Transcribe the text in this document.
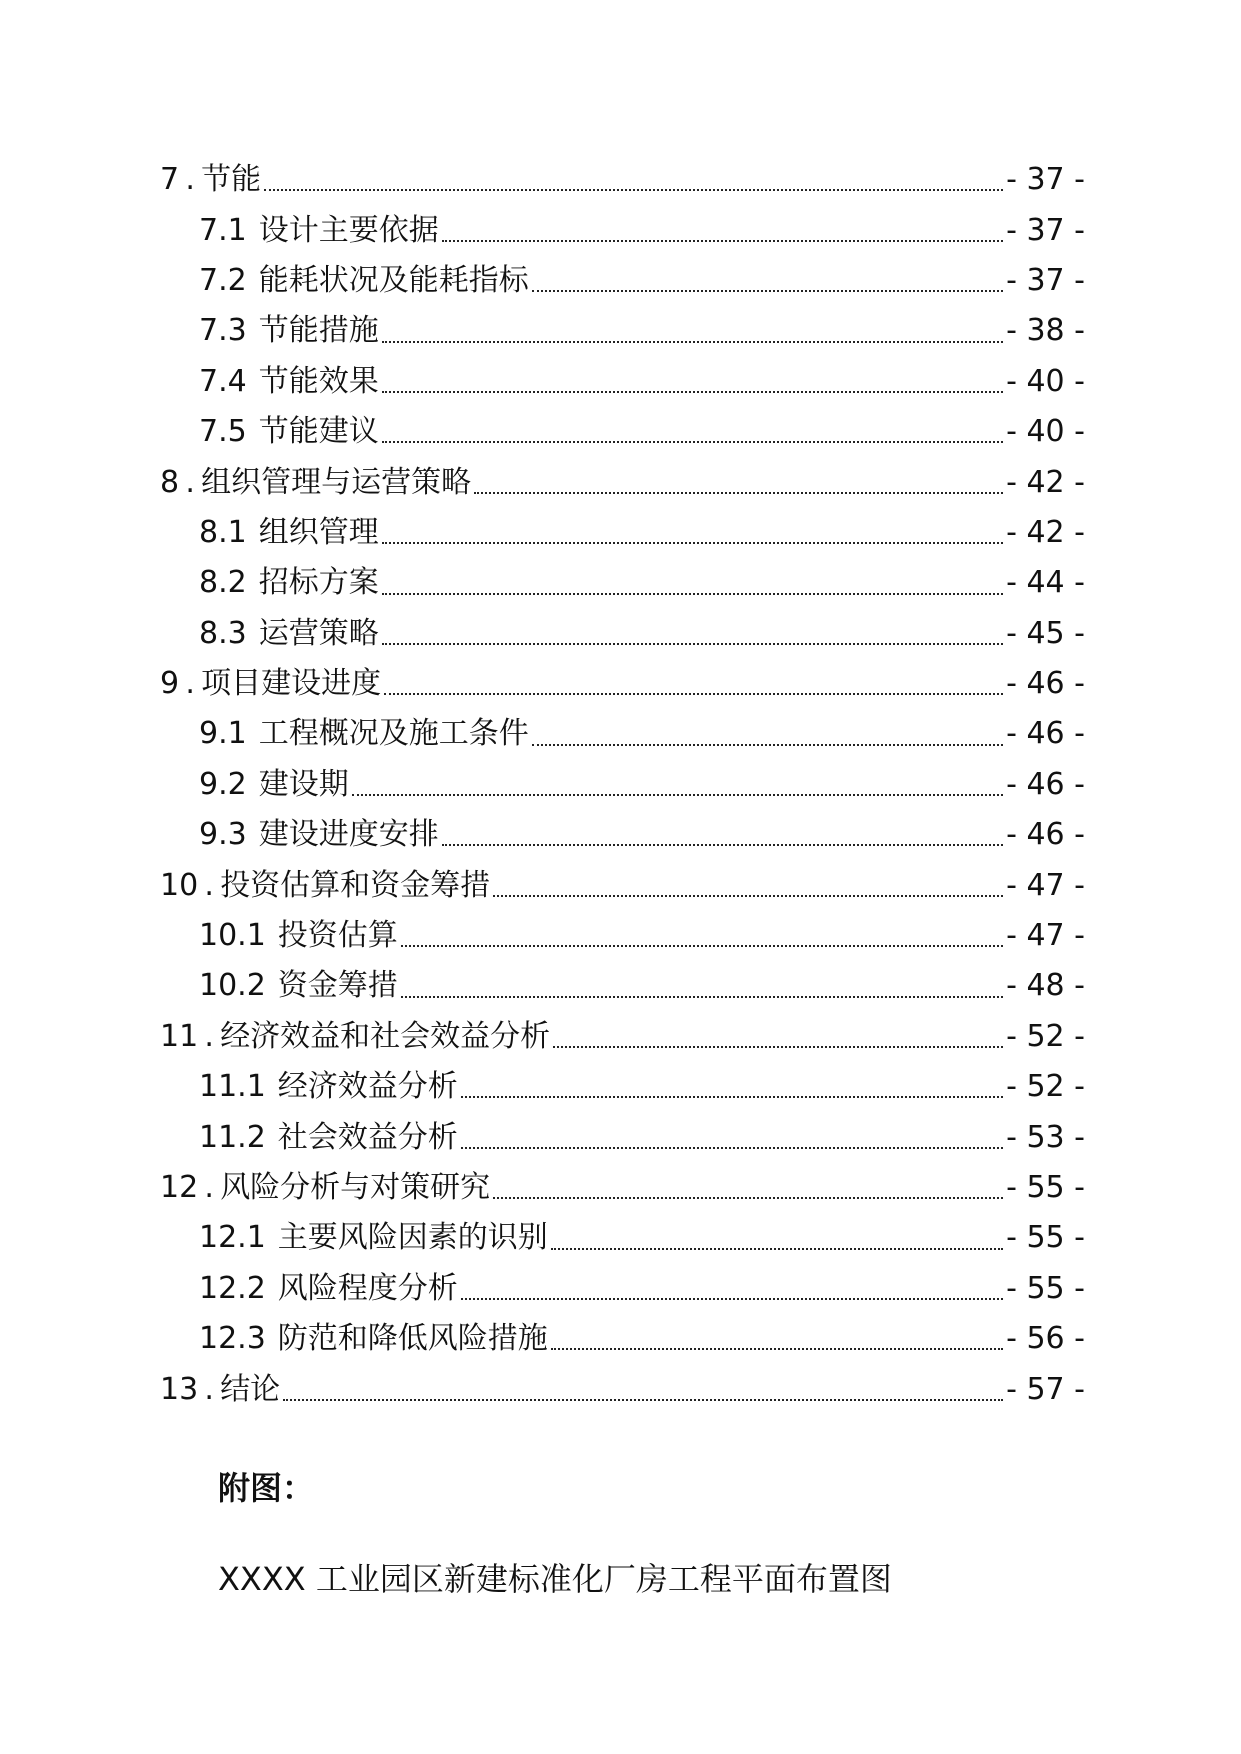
7 . 节能	- 37 -
7.1 设计主要依据	- 37 -
7.2 能耗状况及能耗指标	- 37 -
7.3 节能措施	- 38 -
7.4 节能效果	- 40 -
7.5 节能建议	- 40 -
8 . 组织管理与运营策略	- 42 -
8.1 组织管理	- 42 -
8.2 招标方案	- 44 -
8.3 运营策略	- 45 -
9 . 项目建设进度	- 46 -
9.1 工程概况及施工条件	- 46 -
9.2 建设期	- 46 -
9.3 建设进度安排	- 46 -
10 . 投资估算和资金筹措	- 47 -
10.1 投资估算	- 47 -
10.2 资金筹措	- 48 -
11 . 经济效益和社会效益分析	- 52 -
11.1 经济效益分析	- 52 -
11.2 社会效益分析	- 53 -
12 . 风险分析与对策研究	- 55 -
12.1 主要风险因素的识别	- 55 -
12.2 风险程度分析	- 55 -
12.3 防范和降低风险措施	- 56 -
13 . 结论	- 57 -
附图：

XXXX 工业园区新建标准化厂房工程平面布置图
